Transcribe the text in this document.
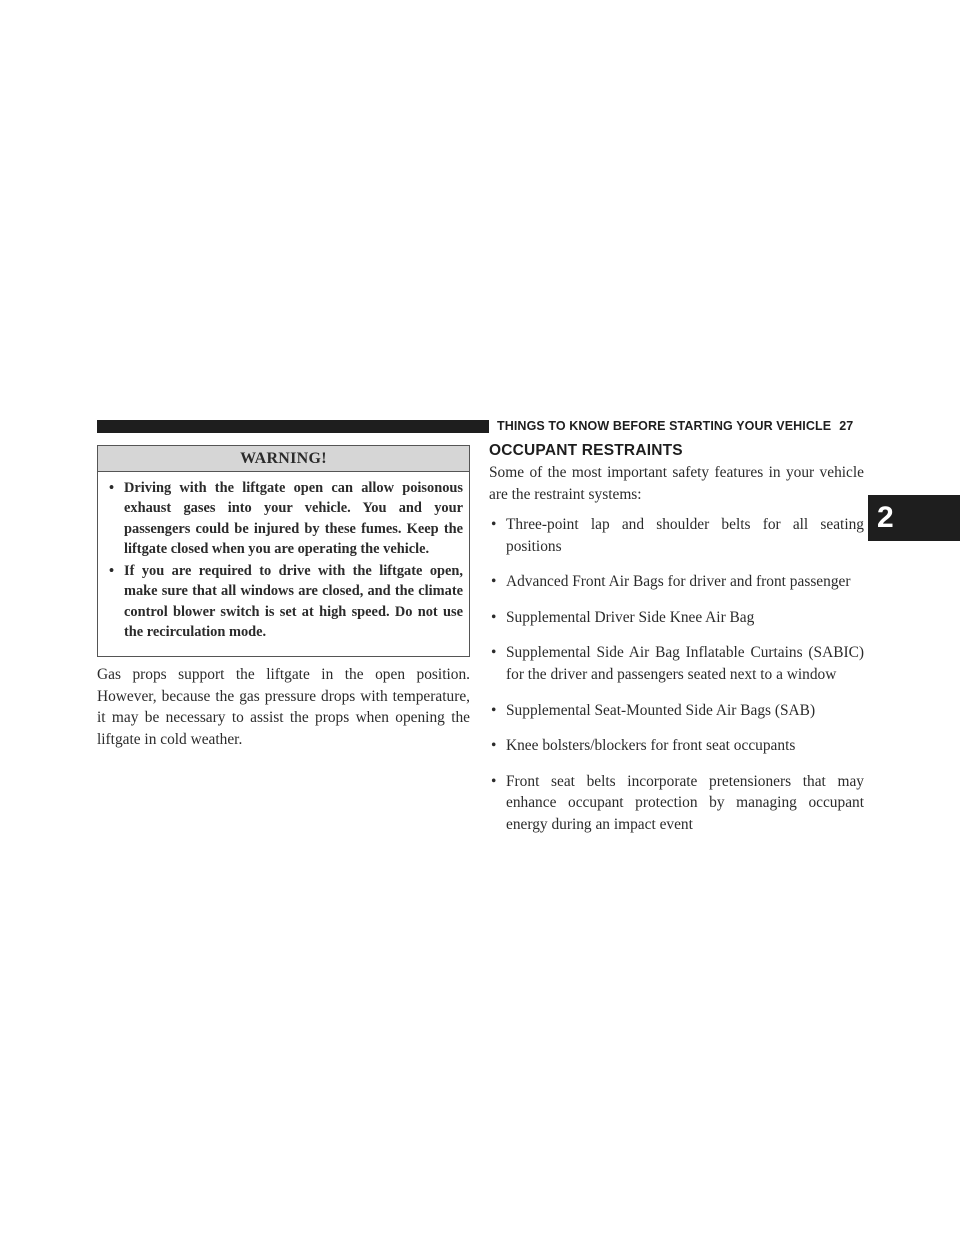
THINGS TO KNOW BEFORE STARTING YOUR VEHICLE 27
2
WARNING!
• Driving with the liftgate open can allow poisonous exhaust gases into your vehicle. You and your passengers could be injured by these fumes. Keep the liftgate closed when you are operating the vehicle.
• If you are required to drive with the liftgate open, make sure that all windows are closed, and the climate control blower switch is set at high speed. Do not use the recirculation mode.

Gas props support the liftgate in the open position. However, because the gas pressure drops with temperature, it may be necessary to assist the props when opening the liftgate in cold weather.

OCCUPANT RESTRAINTS

Some of the most important safety features in your vehicle are the restraint systems:

• Three-point lap and shoulder belts for all seating positions
• Advanced Front Air Bags for driver and front passenger
• Supplemental Driver Side Knee Air Bag
• Supplemental Side Air Bag Inflatable Curtains (SABIC) for the driver and passengers seated next to a window
• Supplemental Seat-Mounted Side Air Bags (SAB)
• Knee bolsters/blockers for front seat occupants
• Front seat belts incorporate pretensioners that may enhance occupant protection by managing occupant energy during an impact event
